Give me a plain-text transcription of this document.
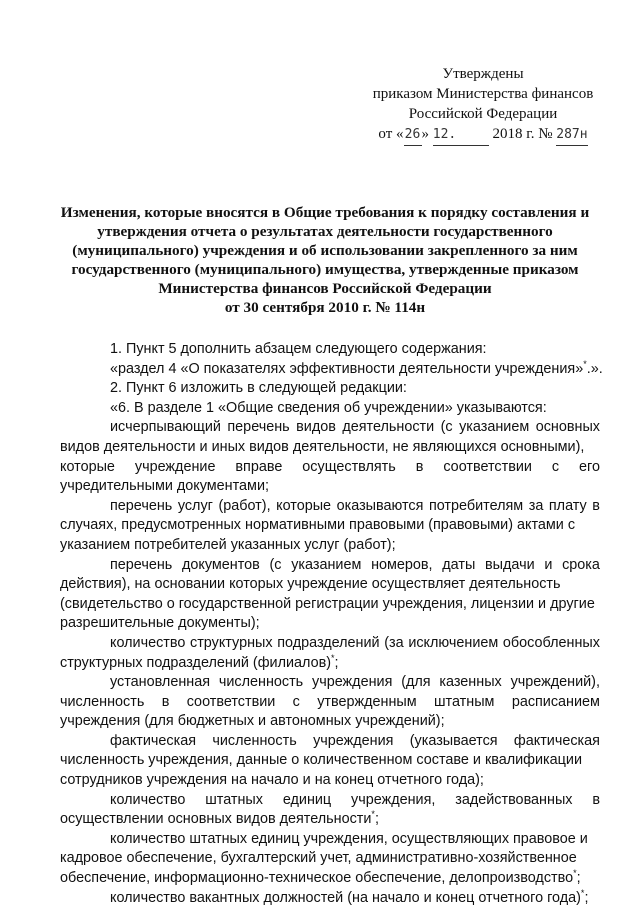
Утверждены
приказом Министерства финансов
Российской Федерации
от «26» 12. 2018 г. № 287н
Изменения, которые вносятся в Общие требования к порядку составления и
утверждения отчета о результатах деятельности государственного
(муниципального) учреждения и об использовании закрепленного за ним
государственного (муниципального) имущества, утвержденные приказом
Министерства финансов Российской Федерации
от 30 сентября 2010 г. № 114н
1. Пункт 5 дополнить абзацем следующего содержания:
«раздел 4 «О показателях эффективности деятельности учреждения»*.».
2. Пункт 6 изложить в следующей редакции:
«6. В разделе 1 «Общие сведения об учреждении» указываются:
исчерпывающий перечень видов деятельности (с указанием основных
видов деятельности и иных видов деятельности, не являющихся основными),
которые учреждение вправе осуществлять в соответствии с его
учредительными документами;
перечень услуг (работ), которые оказываются потребителям за плату в
случаях, предусмотренных нормативными правовыми (правовыми) актами с
указанием потребителей указанных услуг (работ);
перечень документов (с указанием номеров, даты выдачи и срока
действия), на основании которых учреждение осуществляет деятельность
(свидетельство о государственной регистрации учреждения, лицензии и другие
разрешительные документы);
количество структурных подразделений (за исключением обособленных
структурных подразделений (филиалов)*;
установленная численность учреждения (для казенных учреждений),
численность в соответствии с утвержденным штатным расписанием
учреждения (для бюджетных и автономных учреждений);
фактическая численность учреждения (указывается фактическая
численность учреждения, данные о количественном составе и квалификации
сотрудников учреждения на начало и на конец отчетного года);
количество штатных единиц учреждения, задействованных в
осуществлении основных видов деятельности*;
количество штатных единиц учреждения, осуществляющих правовое и
кадровое обеспечение, бухгалтерский учет, административно-хозяйственное
обеспечение, информационно-техническое обеспечение, делопроизводство*;
количество вакантных должностей (на начало и конец отчетного года)*;
